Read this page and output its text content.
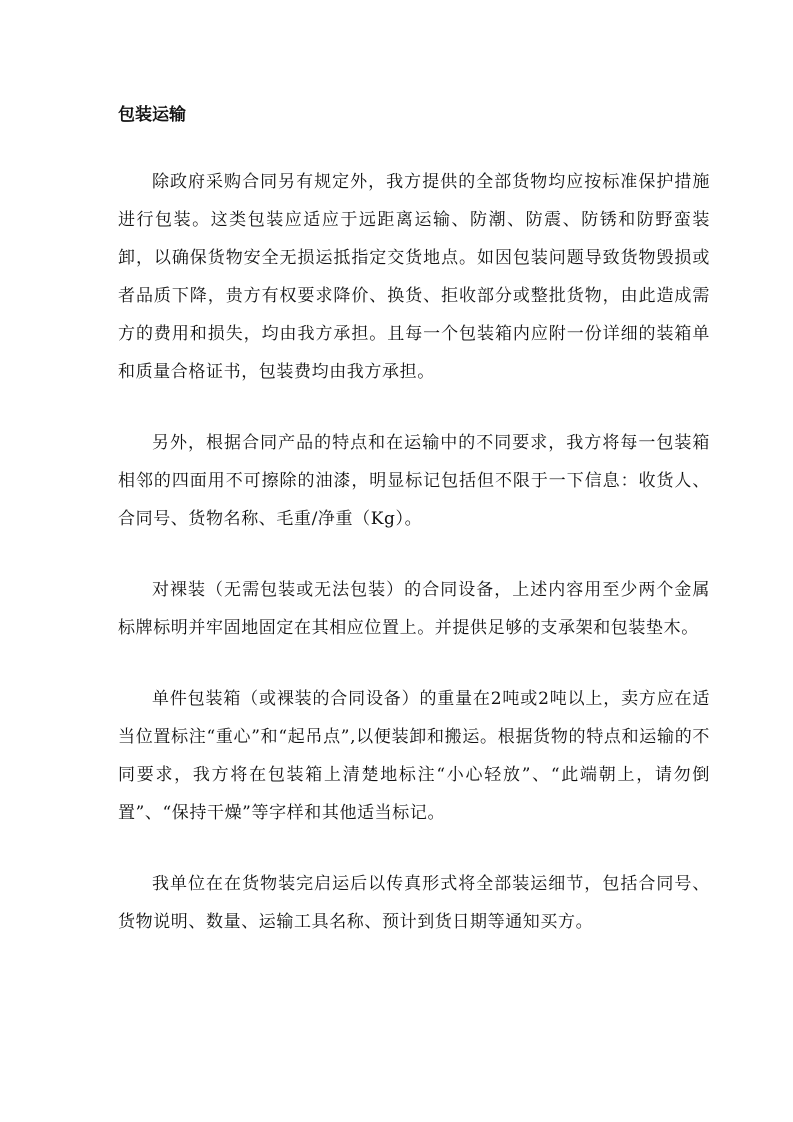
包装运输

除政府采购合同另有规定外，我方提供的全部货物均应按标准保护措施进行包装。这类包装应适应于远距离运输、防潮、防震、防锈和防野蛮装卸，以确保货物安全无损运抵指定交货地点。如因包装问题导致货物毁损或者品质下降，贵方有权要求降价、换货、拒收部分或整批货物，由此造成需方的费用和损失，均由我方承担。且每一个包装箱内应附一份详细的装箱单和质量合格证书，包装费均由我方承担。

另外，根据合同产品的特点和在运输中的不同要求，我方将每一包装箱相邻的四面用不可擦除的油漆，明显标记包括但不限于一下信息：收货人、合同号、货物名称、毛重/净重（Kg）。

对裸装（无需包装或无法包装）的合同设备，上述内容用至少两个金属标牌标明并牢固地固定在其相应位置上。并提供足够的支承架和包装垫木。

单件包装箱（或裸装的合同设备）的重量在2吨或2吨以上，卖方应在适当位置标注“重心”和“起吊点”,以便装卸和搬运。根据货物的特点和运输的不同要求，我方将在包装箱上清楚地标注“小心轻放”、“此端朝上，请勿倒置”、“保持干燥”等字样和其他适当标记。

我单位在在货物装完启运后以传真形式将全部装运细节，包括合同号、货物说明、数量、运输工具名称、预计到货日期等通知买方。
